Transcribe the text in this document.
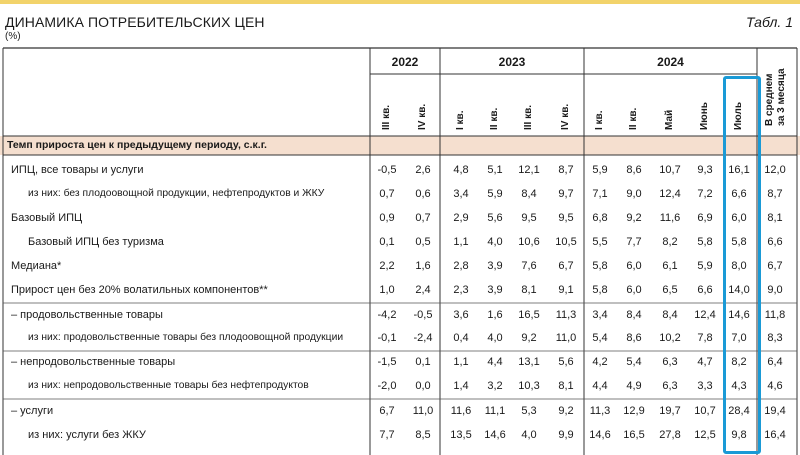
ДИНАМИКА ПОТРЕБИТЕЛЬСКИХ ЦЕН
(%)
Табл. 1
Темп прироста цен к предыдущему периоду, с.к.г.
2022	2023	2024
III кв.	IV кв.	I кв. II кв. III кв.	IV кв. I кв. II кв.	Май Июнь Июль В среднем за 3 месяца
ИПЦ, все товары и услуги	-0,5	2,6	4,8	5,1	12,1	8,7	5,9	8,6	10,7	9,3	16,1	12,0
из них: без плодоовощной продукции, нефтепродуктов и ЖКУ	0,7	0,6	3,4	5,9	8,4	9,7	7,1	9,0	12,4	7,2	6,6	8,7
Базовый ИПЦ	0,9	0,7	2,9	5,6	9,5	9,5	6,8	9,2	11,6	6,9	6,0	8,1
Базовый ИПЦ без туризма	0,1	0,5	1,1	4,0	10,6	10,5	5,5	7,7	8,2	5,8	5,8	6,6
Медиана*	2,2	1,6	2,8	3,9	7,6	6,7	5,8	6,0	6,1	5,9	8,0	6,7
Прирост цен без 20% волатильных компонентов**	1,0	2,4	2,3	3,9	8,1	9,1	5,8	6,0	6,5	6,6	14,0	9,0
– продовольственные товары	-4,2	-0,5	3,6	1,6	16,5	11,3	3,4	8,4	8,4	12,4	14,6	11,8
из них: продовольственные товары без плодоовощной продукции	-0,1	-2,4	0,4	4,0	9,2	11,0	5,4	8,6	10,2	7,8	7,0	8,3
– непродовольственные товары	-1,5	0,1	1,1	4,4	13,1	5,6	4,2	5,4	6,3	4,7	8,2	6,4
из них: непродовольственные товары без нефтепродуктов	-2,0	0,0	1,4	3,2	10,3	8,1	4,4	4,9	6,3	3,3	4,3	4,6
– услуги	6,7	11,0	11,6	11,1	5,3	9,2	11,3	12,9	19,7	10,7	28,4	19,4
из них: услуги без ЖКУ	7,7	8,5	13,5	14,6	4,0	9,9	14,6	16,5	27,8	12,5	9,8	16,4
